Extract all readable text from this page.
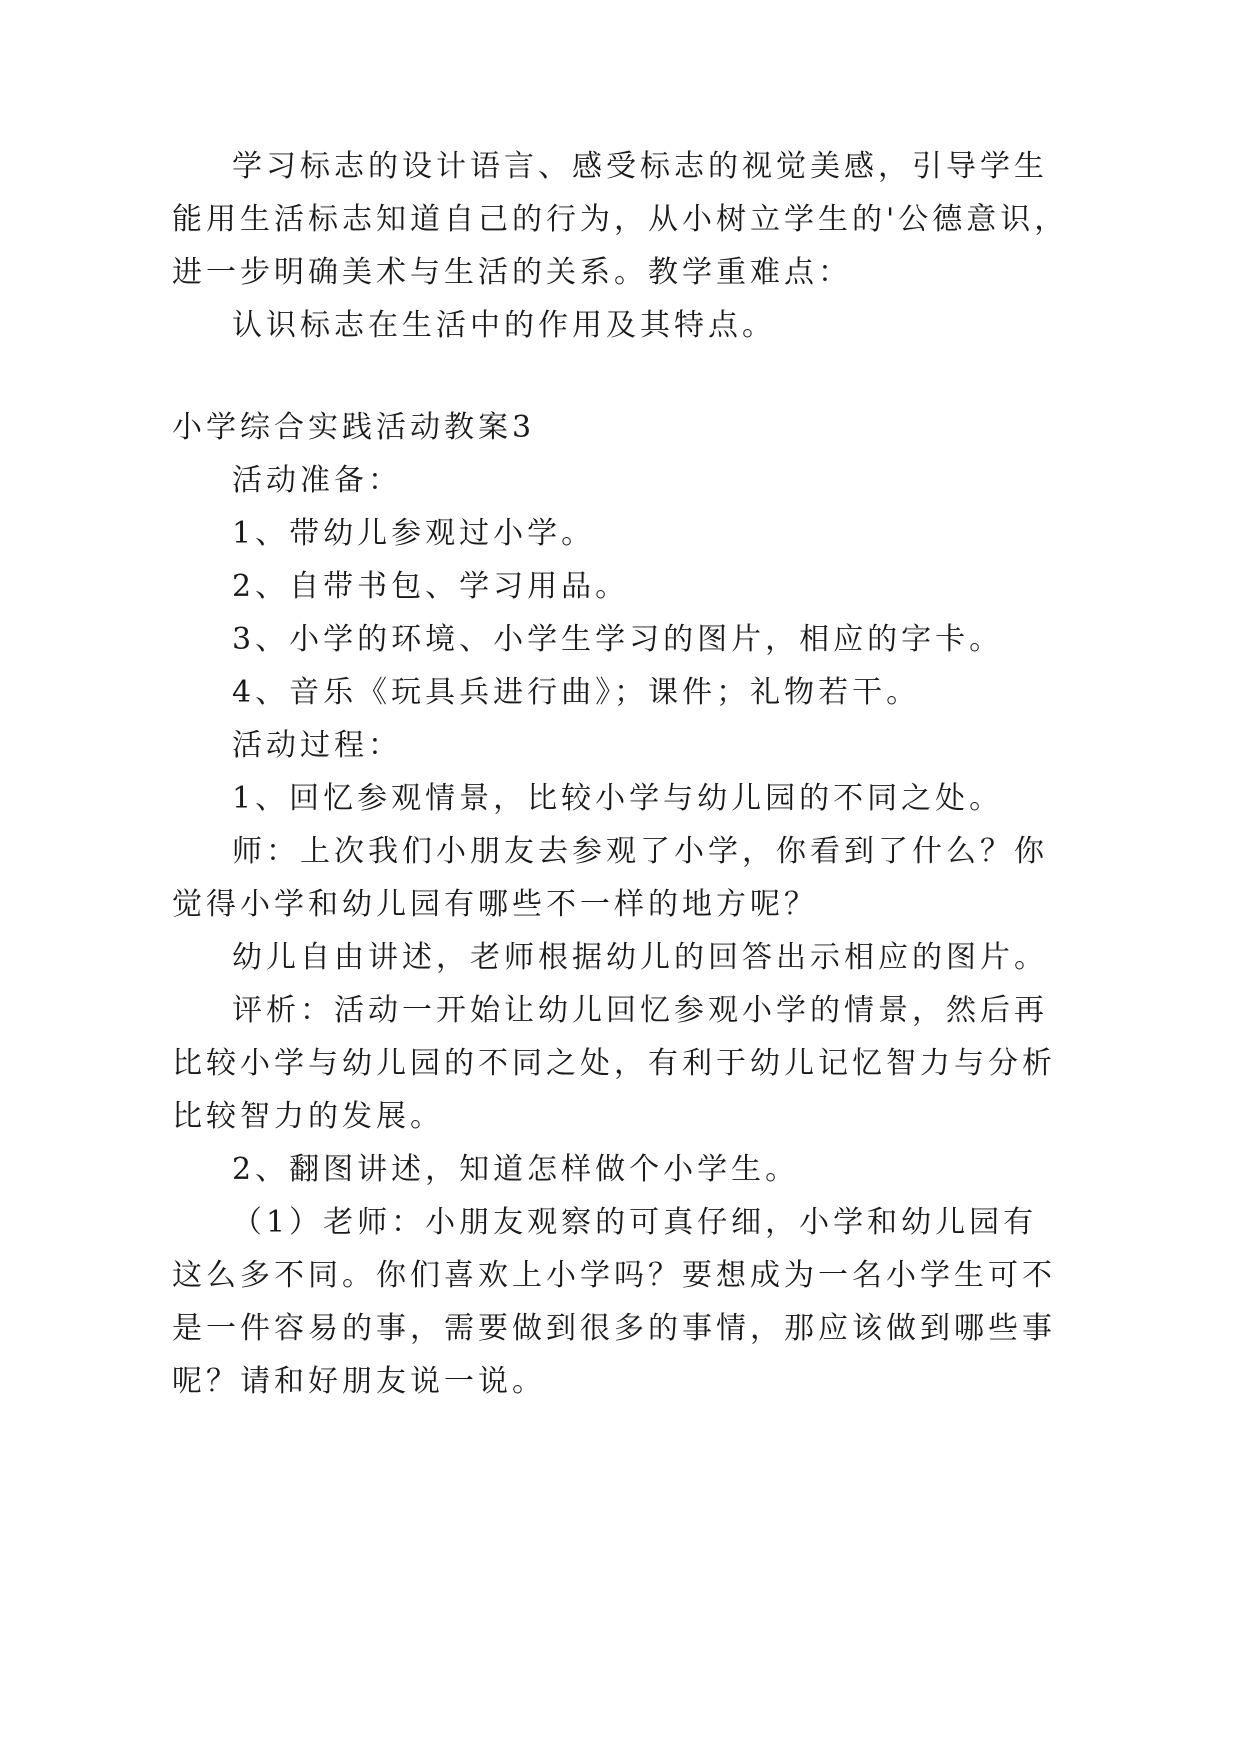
学习标志的设计语言、感受标志的视觉美感，引导学生

能用生活标志知道自己的行为，从小树立学生的'公德意识，

进一步明确美术与生活的关系。教学重难点：

认识标志在生活中的作用及其特点。

小学综合实践活动教案3

活动准备：

1、带幼儿参观过小学。

2、自带书包、学习用品。

3、小学的环境、小学生学习的图片，相应的字卡。

4、音乐《玩具兵进行曲》；课件；礼物若干。

活动过程：

1、回忆参观情景，比较小学与幼儿园的不同之处。

师：上次我们小朋友去参观了小学，你看到了什么？你

觉得小学和幼儿园有哪些不一样的地方呢？

幼儿自由讲述，老师根据幼儿的回答出示相应的图片。

评析：活动一开始让幼儿回忆参观小学的情景，然后再

比较小学与幼儿园的不同之处，有利于幼儿记忆智力与分析

比较智力的发展。

2、翻图讲述，知道怎样做个小学生。

（1）老师：小朋友观察的可真仔细，小学和幼儿园有

这么多不同。你们喜欢上小学吗？要想成为一名小学生可不

是一件容易的事，需要做到很多的事情，那应该做到哪些事

呢？请和好朋友说一说。
